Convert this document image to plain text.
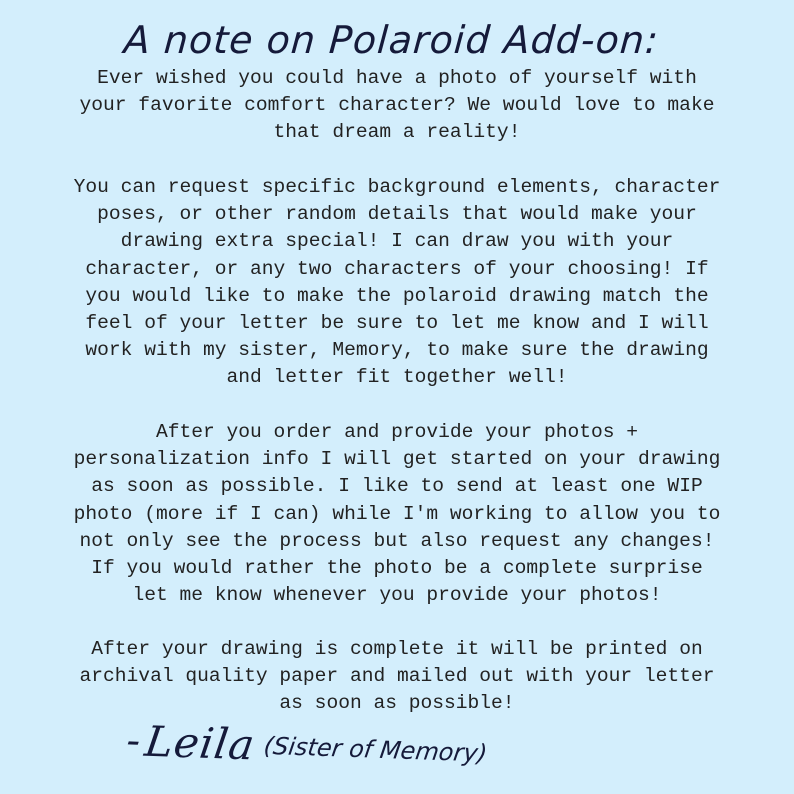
A note on Polaroid Add-on:
Ever wished you could have a photo of yourself with
your favorite comfort character? We would love to make
that dream a reality!
You can request specific background elements, character
poses, or other random details that would make your
drawing extra special! I can draw you with your
character, or any two characters of your choosing! If
you would like to make the polaroid drawing match the
feel of your letter be sure to let me know and I will
work with my sister, Memory, to make sure the drawing
and letter fit together well!
After you order and provide your photos +
personalization info I will get started on your drawing
as soon as possible. I like to send at least one WIP
photo (more if I can) while I'm working to allow you to
not only see the process but also request any changes!
If you would rather the photo be a complete surprise
let me know whenever you provide your photos!
After your drawing is complete it will be printed on
archival quality paper and mailed out with your letter
as soon as possible!
- Leila (Sister of Memory)
